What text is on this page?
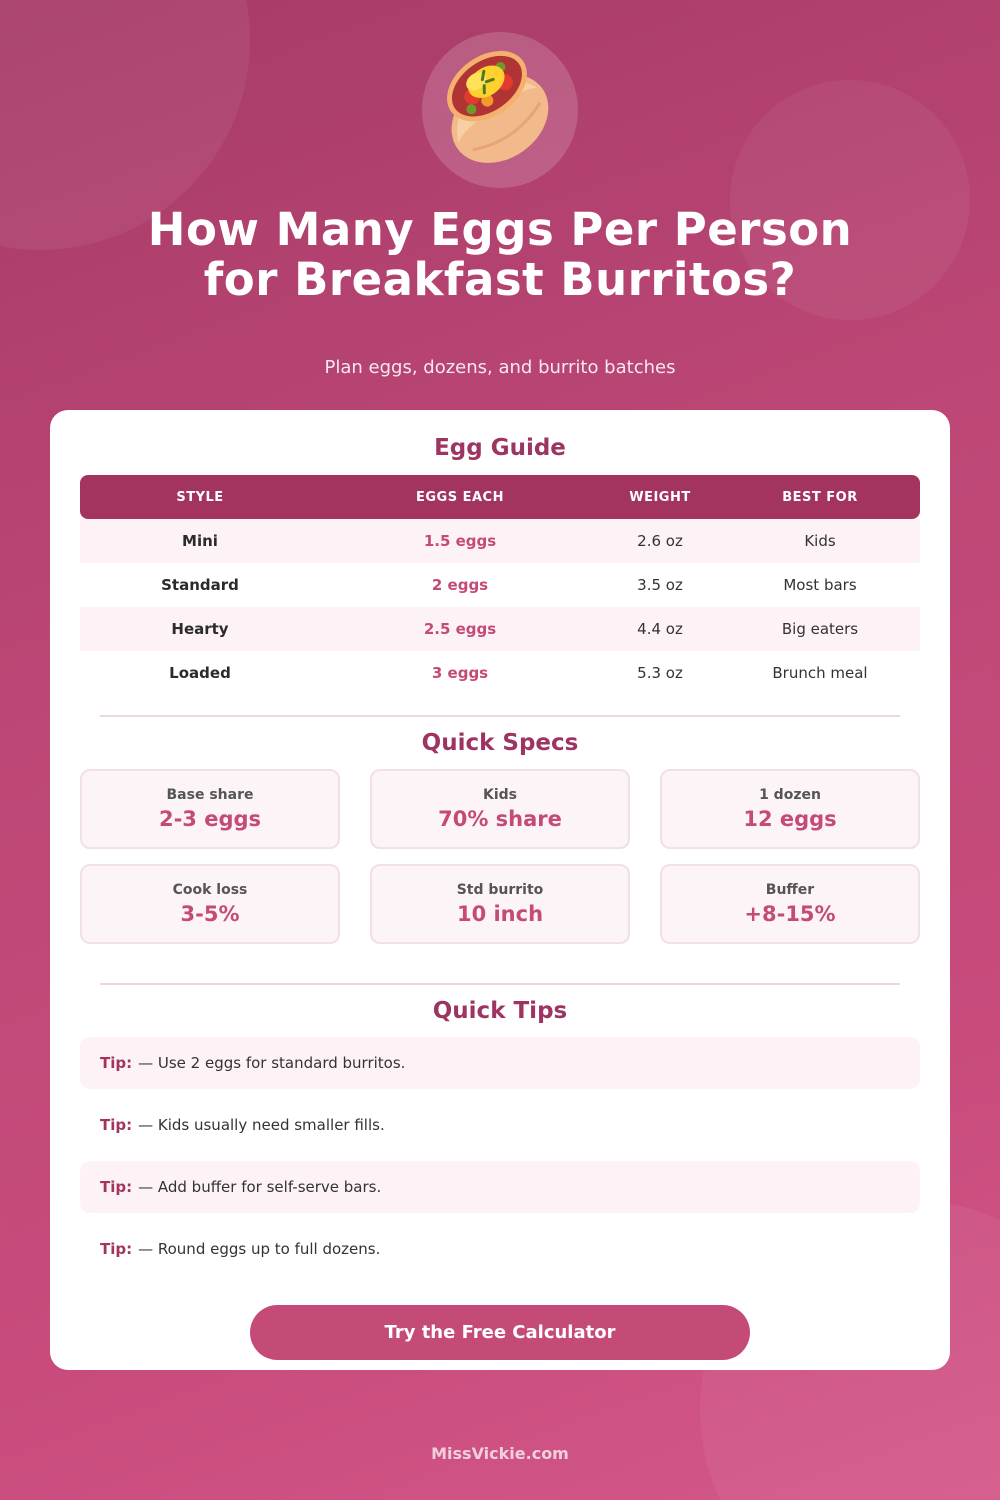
How Many Eggs Per Person
for Breakfast Burritos?
Plan eggs, dozens, and burrito batches
Egg Guide
STYLE	EGGS EACH	WEIGHT	BEST FOR
Mini	1.5 eggs	2.6 oz	Kids
Standard	2 eggs	3.5 oz	Most bars
Hearty	2.5 eggs	4.4 oz	Big eaters
Loaded	3 eggs	5.3 oz	Brunch meal
Quick Specs
Base share
2-3 eggs
Kids
70% share
1 dozen
12 eggs
Cook loss
3-5%
Std burrito
10 inch
Buffer
+8-15%
Quick Tips
Tip: — Use 2 eggs for standard burritos.
Tip: — Kids usually need smaller fills.
Tip: — Add buffer for self-serve bars.
Tip: — Round eggs up to full dozens.
Try the Free Calculator
MissVickie.com
